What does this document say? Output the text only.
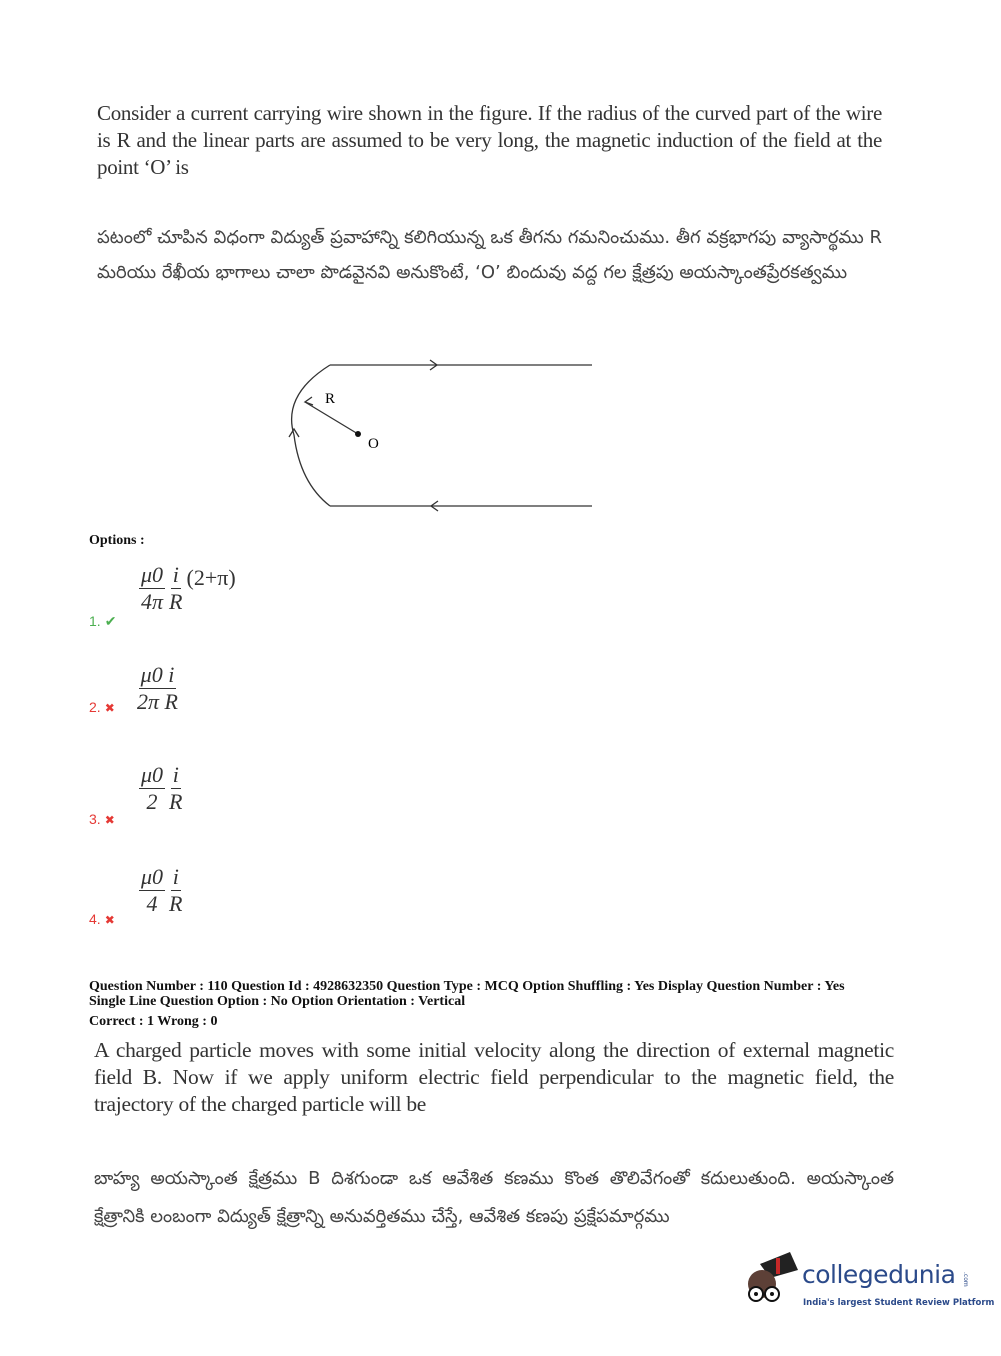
Consider a current carrying wire shown in the figure. If the radius of the curved part of the wire is R and the linear parts are assumed to be very long, the magnetic induction of the field at the point ‘O’ is
పటంలో చూపిన విధంగా విద్యుత్ ప్రవాహాన్ని కలిగియున్న ఒక తీగను గమనించుము. తీగ వక్రభాగపు వ్యాసార్థము R మరియు రేఖీయ భాగాలు చాలా పొడవైనవి అనుకొంటే, ‘O’ బిందువు వద్ద గల క్షేత్రపు అయస్కాంతప్రేరకత్వము
R
O
Options :
$\frac{\mu 0}{4\pi} \frac{i}{R} (2+\pi)$
1. ✔
$\frac{\mu 0 i}{\text{2π R}}$
2. ✖
$\frac{\mu 0}{2} \frac{i}{R}$
3. ✖
$\frac{\mu 0}{4} \frac{i}{R}$
4. ✖
Question Number : 110 Question Id : 4928632350 Question Type : MCQ Option Shuffling : Yes Display Question Number : Yes
Single Line Question Option : No Option Orientation : Vertical
Correct : 1 Wrong : 0
A charged particle moves with some initial velocity along the direction of external magnetic field B. Now if we apply uniform electric field perpendicular to the magnetic field, the trajectory of the charged particle will be
బాహ్య అయస్కాంత క్షేత్రము B దిశగుండా ఒక ఆవేశిత కణము కొంత తొలివేగంతో కదులుతుంది. అయస్కాంత క్షేత్రానికి లంబంగా విద్యుత్ క్షేత్రాన్ని అనువర్తితము చేస్తే, ఆవేశిత కణపు ప్రక్షేపమార్గము
collegedunia .com
India's largest Student Review Platform
